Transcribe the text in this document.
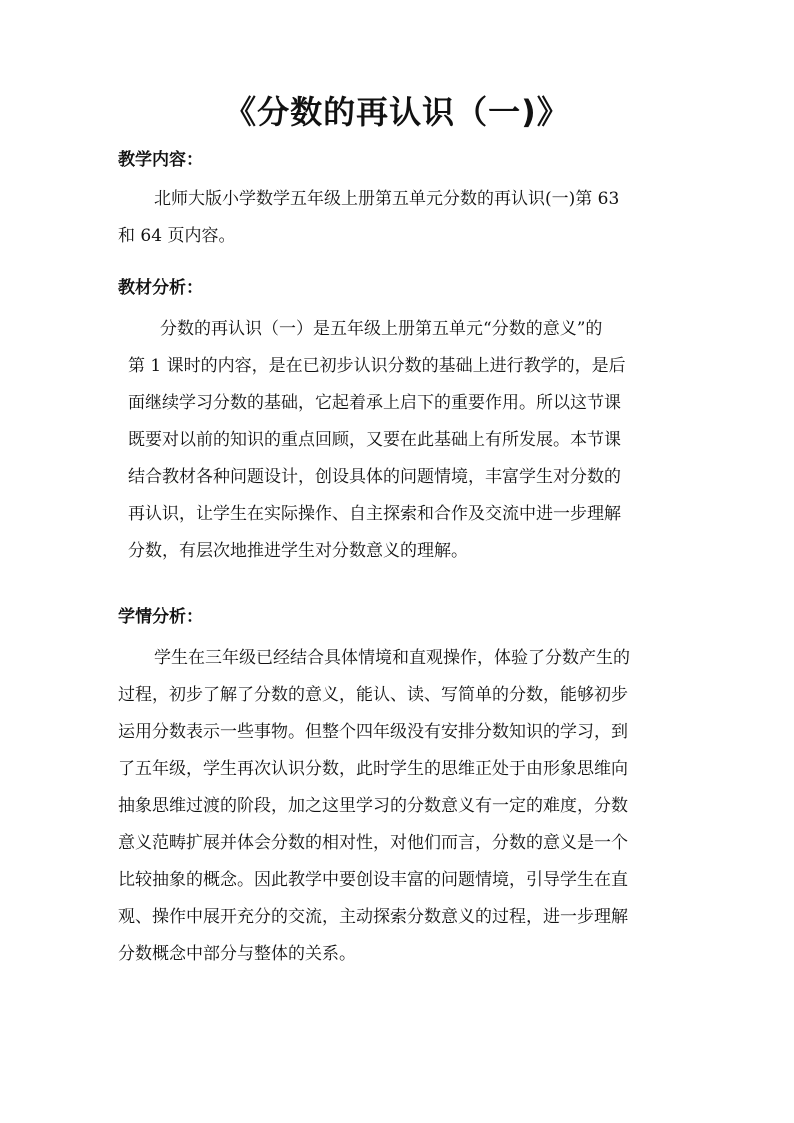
《分数的再认识（一)》
教学内容：

北师大版小学数学五年级上册第五单元分数的再认识(一)第 63
和 64 页内容。

教材分析：

分数的再认识（一）是五年级上册第五单元“分数的意义”的
第 1 课时的内容，是在已初步认识分数的基础上进行教学的，是后
面继续学习分数的基础，它起着承上启下的重要作用。所以这节课
既要对以前的知识的重点回顾，又要在此基础上有所发展。本节课
结合教材各种问题设计，创设具体的问题情境，丰富学生对分数的
再认识，让学生在实际操作、自主探索和合作及交流中进一步理解
分数，有层次地推进学生对分数意义的理解。

学情分析：

学生在三年级已经结合具体情境和直观操作，体验了分数产生的
过程，初步了解了分数的意义，能认、读、写简单的分数，能够初步
运用分数表示一些事物。但整个四年级没有安排分数知识的学习，到
了五年级，学生再次认识分数，此时学生的思维正处于由形象思维向
抽象思维过渡的阶段，加之这里学习的分数意义有一定的难度，分数
意义范畴扩展并体会分数的相对性，对他们而言，分数的意义是一个
比较抽象的概念。因此教学中要创设丰富的问题情境，引导学生在直
观、操作中展开充分的交流，主动探索分数意义的过程，进一步理解
分数概念中部分与整体的关系。
